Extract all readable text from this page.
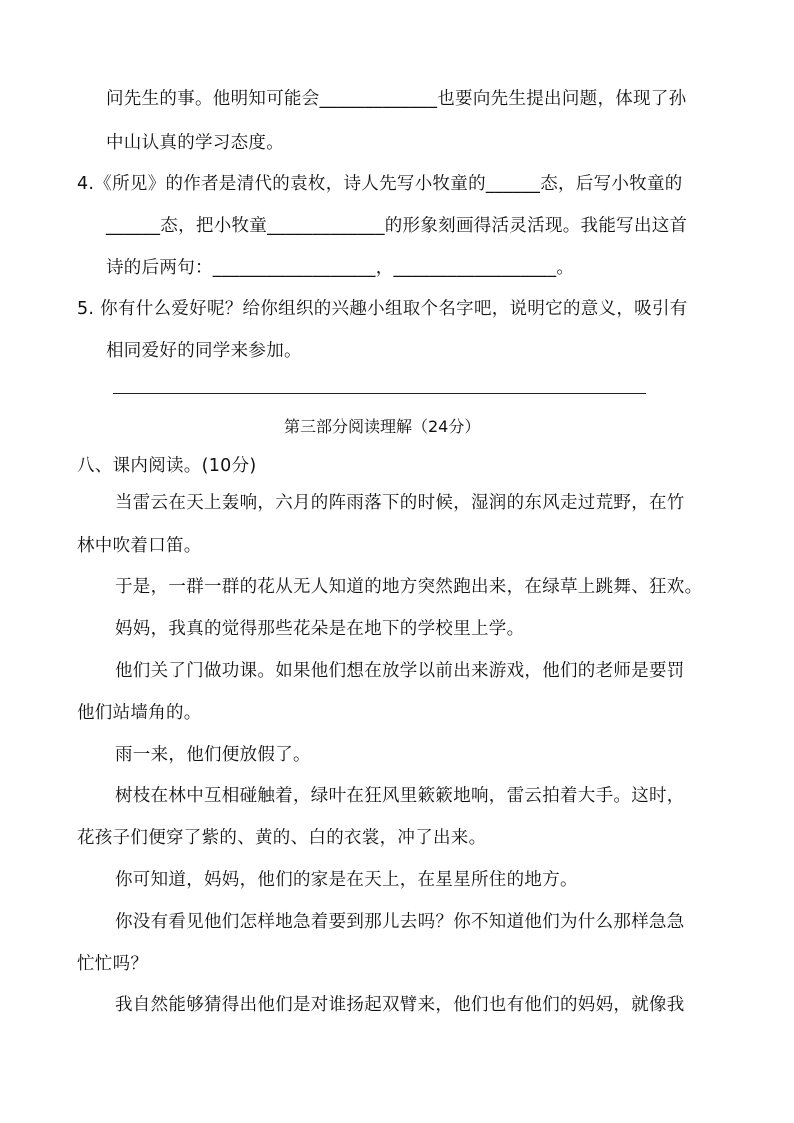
问先生的事。他明知可能会_____________也要向先生提出问题，体现了孙
中山认真的学习态度。
4.《所见》的作者是清代的袁枚，诗人先写小牧童的______态，后写小牧童的
______态，把小牧童_____________的形象刻画得活灵活现。我能写出这首
诗的后两句：__________________，__________________。
5. 你有什么爱好呢？给你组织的兴趣小组取个名字吧，说明它的意义，吸引有
相同爱好的同学来参加。
第三部分阅读理解（24分）
八、课内阅读。(10分)
当雷云在天上轰响，六月的阵雨落下的时候，湿润的东风走过荒野，在竹
林中吹着口笛。
于是，一群一群的花从无人知道的地方突然跑出来，在绿草上跳舞、狂欢。
妈妈，我真的觉得那些花朵是在地下的学校里上学。
他们关了门做功课。如果他们想在放学以前出来游戏，他们的老师是要罚
他们站墙角的。
雨一来，他们便放假了。
树枝在林中互相碰触着，绿叶在狂风里簌簌地响，雷云拍着大手。这时，
花孩子们便穿了紫的、黄的、白的衣裳，冲了出来。
你可知道，妈妈，他们的家是在天上，在星星所住的地方。
你没有看见他们怎样地急着要到那儿去吗？你不知道他们为什么那样急急
忙忙吗？
我自然能够猜得出他们是对谁扬起双臂来，他们也有他们的妈妈，就像我
